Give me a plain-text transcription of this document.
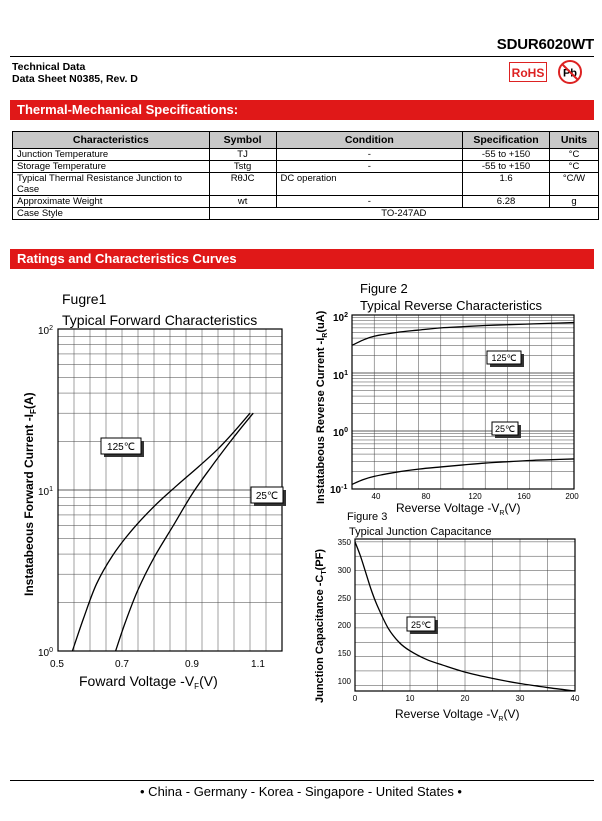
SDUR6020WT
Technical Data
Data Sheet N0385, Rev. D	RoHS Pb
Thermal-Mechanical Specifications:
Characteristics	Symbol	Condition	Specification	Units
Junction Temperature	TJ	-	-55 to +150	°C
Storage Temperature	Tstg	-	-55 to +150	°C
Typical Thermal Resistance Junction to Case	RθJC	DC operation	1.6	°C/W
Approximate Weight	wt	-	6.28	g
Case Style	TO-247AD			
Ratings and Characteristics Curves
Fugre1
Typical Forward Characteristics
0.5	0.7	0.9	1.1
$10^2$
$10^1$
$10^0$
Foward Voltage $-V_F(V)$
Instatabeous Forward Current $-I_F(A)$
125℃
25℃
Figure 2
Typical Reverse Characteristics
40	80	120	160	200
$10^2$
$10^1$
$10^0$
$10^{-1}$
Reverse Voltage $-V_R(V)$
Instatabeous Reverse Current $-I_R(uA)$
125℃
25℃
Figure 3
Typical Junction Capacitance
0	10	20	30	40
100
150
200
250
300
350
Reverse Voltage $-V_R(V)$
Junction Capacitance $-C_T(PF)$
25℃
• China - Germany - Korea - Singapore - United States •
